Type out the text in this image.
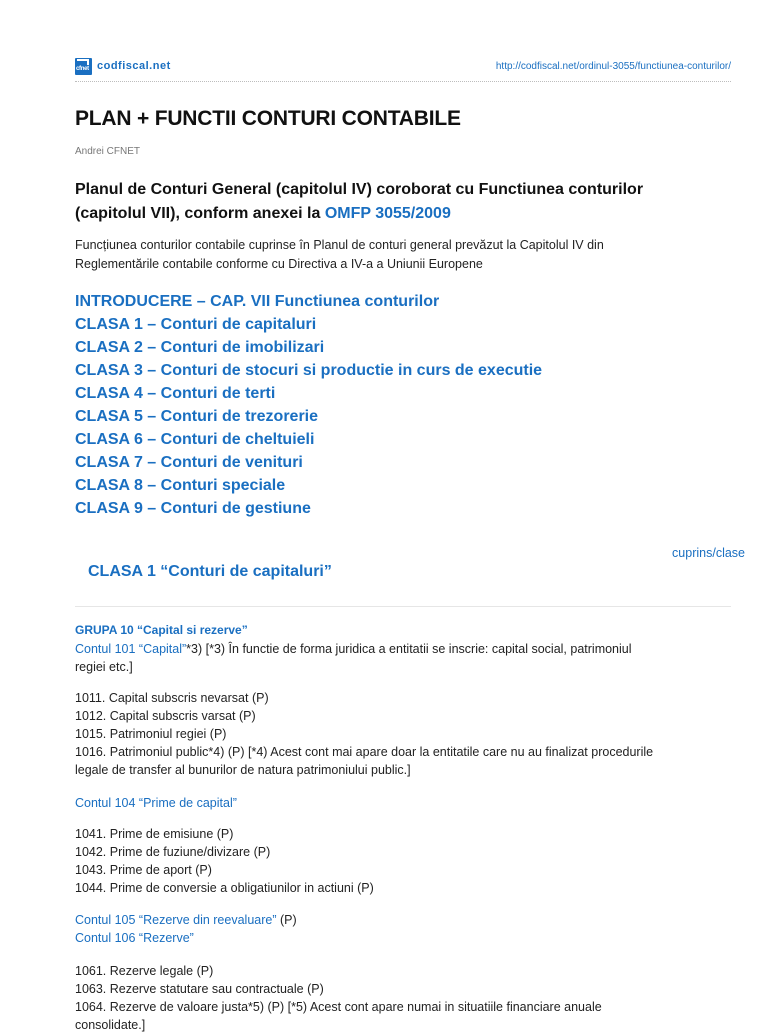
cfnet codfiscal.net	http://codfiscal.net/ordinul-3055/functiunea-conturilor/
PLAN + FUNCTII CONTURI CONTABILE
Andrei CFNET
Planul de Conturi General (capitolul IV) coroborat cu Functiunea conturilor
(capitolul VII), conform anexei la OMFP 3055/2009
Funcțiunea conturilor contabile cuprinse în Planul de conturi general prevăzut la Capitolul IV din
Reglementările contabile conforme cu Directiva a IV-a a Uniunii Europene
INTRODUCERE – CAP. VII Functiunea conturilor
CLASA 1 – Conturi de capitaluri
CLASA 2 – Conturi de imobilizari
CLASA 3 – Conturi de stocuri si productie in curs de executie
CLASA 4 – Conturi de terti
CLASA 5 – Conturi de trezorerie
CLASA 6 – Conturi de cheltuieli
CLASA 7 – Conturi de venituri
CLASA 8 – Conturi speciale
CLASA 9 – Conturi de gestiune
cuprins/clase
CLASA 1 “Conturi de capitaluri”
GRUPA 10 “Capital si rezerve”
Contul 101 “Capital”*3) [*3) În functie de forma juridica a entitatii se inscrie: capital social, patrimoniul
regiei etc.]
1011. Capital subscris nevarsat (P)
1012. Capital subscris varsat (P)
1015. Patrimoniul regiei (P)
1016. Patrimoniul public*4) (P) [*4) Acest cont mai apare doar la entitatile care nu au finalizat procedurile
legale de transfer al bunurilor de natura patrimoniului public.]
Contul 104 “Prime de capital”
1041. Prime de emisiune (P)
1042. Prime de fuziune/divizare (P)
1043. Prime de aport (P)
1044. Prime de conversie a obligatiunilor in actiuni (P)
Contul 105 “Rezerve din reevaluare” (P)
Contul 106 “Rezerve”
1061. Rezerve legale (P)
1063. Rezerve statutare sau contractuale (P)
1064. Rezerve de valoare justa*5) (P) [*5) Acest cont apare numai in situatiile financiare anuale
consolidate.]
